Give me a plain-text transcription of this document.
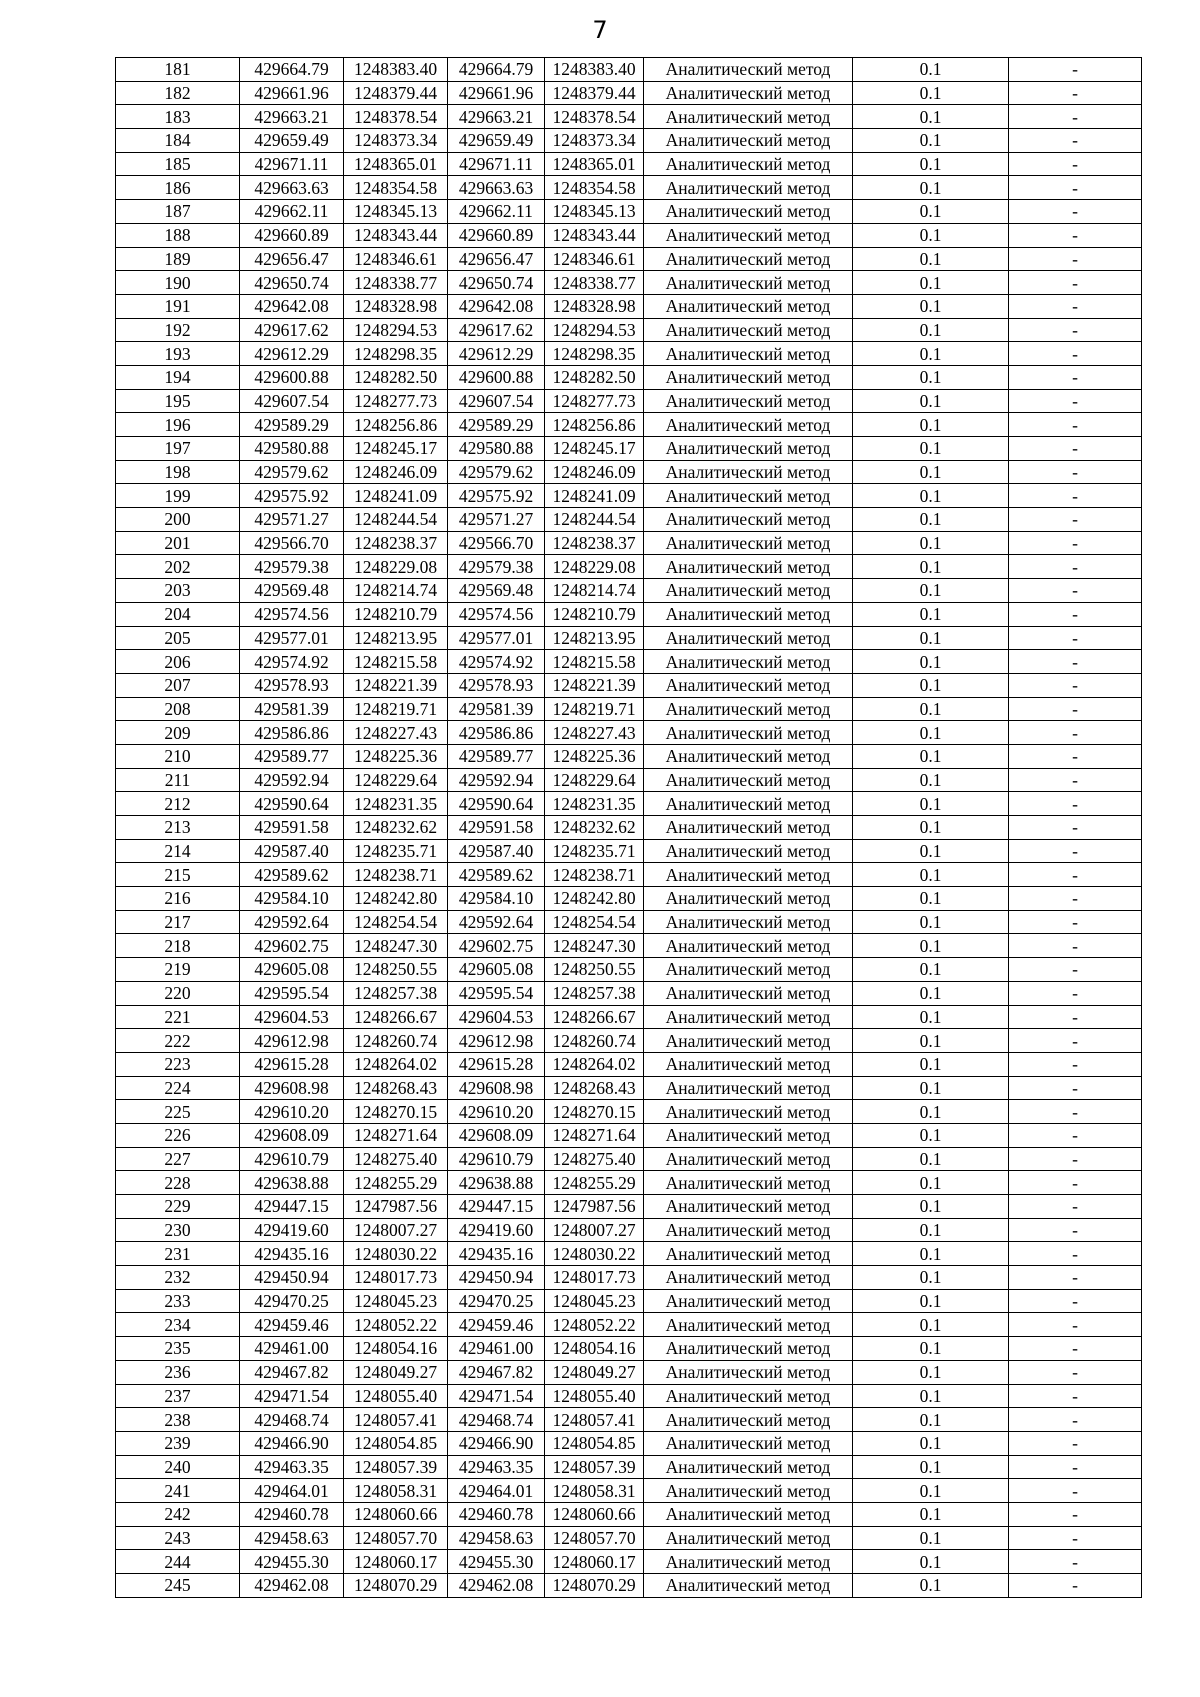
7
181	429664.79	1248383.40	429664.79	1248383.40	Аналитический метод	0.1	-
182	429661.96	1248379.44	429661.96	1248379.44	Аналитический метод	0.1	-
183	429663.21	1248378.54	429663.21	1248378.54	Аналитический метод	0.1	-
184	429659.49	1248373.34	429659.49	1248373.34	Аналитический метод	0.1	-
185	429671.11	1248365.01	429671.11	1248365.01	Аналитический метод	0.1	-
186	429663.63	1248354.58	429663.63	1248354.58	Аналитический метод	0.1	-
187	429662.11	1248345.13	429662.11	1248345.13	Аналитический метод	0.1	-
188	429660.89	1248343.44	429660.89	1248343.44	Аналитический метод	0.1	-
189	429656.47	1248346.61	429656.47	1248346.61	Аналитический метод	0.1	-
190	429650.74	1248338.77	429650.74	1248338.77	Аналитический метод	0.1	-
191	429642.08	1248328.98	429642.08	1248328.98	Аналитический метод	0.1	-
192	429617.62	1248294.53	429617.62	1248294.53	Аналитический метод	0.1	-
193	429612.29	1248298.35	429612.29	1248298.35	Аналитический метод	0.1	-
194	429600.88	1248282.50	429600.88	1248282.50	Аналитический метод	0.1	-
195	429607.54	1248277.73	429607.54	1248277.73	Аналитический метод	0.1	-
196	429589.29	1248256.86	429589.29	1248256.86	Аналитический метод	0.1	-
197	429580.88	1248245.17	429580.88	1248245.17	Аналитический метод	0.1	-
198	429579.62	1248246.09	429579.62	1248246.09	Аналитический метод	0.1	-
199	429575.92	1248241.09	429575.92	1248241.09	Аналитический метод	0.1	-
200	429571.27	1248244.54	429571.27	1248244.54	Аналитический метод	0.1	-
201	429566.70	1248238.37	429566.70	1248238.37	Аналитический метод	0.1	-
202	429579.38	1248229.08	429579.38	1248229.08	Аналитический метод	0.1	-
203	429569.48	1248214.74	429569.48	1248214.74	Аналитический метод	0.1	-
204	429574.56	1248210.79	429574.56	1248210.79	Аналитический метод	0.1	-
205	429577.01	1248213.95	429577.01	1248213.95	Аналитический метод	0.1	-
206	429574.92	1248215.58	429574.92	1248215.58	Аналитический метод	0.1	-
207	429578.93	1248221.39	429578.93	1248221.39	Аналитический метод	0.1	-
208	429581.39	1248219.71	429581.39	1248219.71	Аналитический метод	0.1	-
209	429586.86	1248227.43	429586.86	1248227.43	Аналитический метод	0.1	-
210	429589.77	1248225.36	429589.77	1248225.36	Аналитический метод	0.1	-
211	429592.94	1248229.64	429592.94	1248229.64	Аналитический метод	0.1	-
212	429590.64	1248231.35	429590.64	1248231.35	Аналитический метод	0.1	-
213	429591.58	1248232.62	429591.58	1248232.62	Аналитический метод	0.1	-
214	429587.40	1248235.71	429587.40	1248235.71	Аналитический метод	0.1	-
215	429589.62	1248238.71	429589.62	1248238.71	Аналитический метод	0.1	-
216	429584.10	1248242.80	429584.10	1248242.80	Аналитический метод	0.1	-
217	429592.64	1248254.54	429592.64	1248254.54	Аналитический метод	0.1	-
218	429602.75	1248247.30	429602.75	1248247.30	Аналитический метод	0.1	-
219	429605.08	1248250.55	429605.08	1248250.55	Аналитический метод	0.1	-
220	429595.54	1248257.38	429595.54	1248257.38	Аналитический метод	0.1	-
221	429604.53	1248266.67	429604.53	1248266.67	Аналитический метод	0.1	-
222	429612.98	1248260.74	429612.98	1248260.74	Аналитический метод	0.1	-
223	429615.28	1248264.02	429615.28	1248264.02	Аналитический метод	0.1	-
224	429608.98	1248268.43	429608.98	1248268.43	Аналитический метод	0.1	-
225	429610.20	1248270.15	429610.20	1248270.15	Аналитический метод	0.1	-
226	429608.09	1248271.64	429608.09	1248271.64	Аналитический метод	0.1	-
227	429610.79	1248275.40	429610.79	1248275.40	Аналитический метод	0.1	-
228	429638.88	1248255.29	429638.88	1248255.29	Аналитический метод	0.1	-
229	429447.15	1247987.56	429447.15	1247987.56	Аналитический метод	0.1	-
230	429419.60	1248007.27	429419.60	1248007.27	Аналитический метод	0.1	-
231	429435.16	1248030.22	429435.16	1248030.22	Аналитический метод	0.1	-
232	429450.94	1248017.73	429450.94	1248017.73	Аналитический метод	0.1	-
233	429470.25	1248045.23	429470.25	1248045.23	Аналитический метод	0.1	-
234	429459.46	1248052.22	429459.46	1248052.22	Аналитический метод	0.1	-
235	429461.00	1248054.16	429461.00	1248054.16	Аналитический метод	0.1	-
236	429467.82	1248049.27	429467.82	1248049.27	Аналитический метод	0.1	-
237	429471.54	1248055.40	429471.54	1248055.40	Аналитический метод	0.1	-
238	429468.74	1248057.41	429468.74	1248057.41	Аналитический метод	0.1	-
239	429466.90	1248054.85	429466.90	1248054.85	Аналитический метод	0.1	-
240	429463.35	1248057.39	429463.35	1248057.39	Аналитический метод	0.1	-
241	429464.01	1248058.31	429464.01	1248058.31	Аналитический метод	0.1	-
242	429460.78	1248060.66	429460.78	1248060.66	Аналитический метод	0.1	-
243	429458.63	1248057.70	429458.63	1248057.70	Аналитический метод	0.1	-
244	429455.30	1248060.17	429455.30	1248060.17	Аналитический метод	0.1	-
245	429462.08	1248070.29	429462.08	1248070.29	Аналитический метод	0.1	-
